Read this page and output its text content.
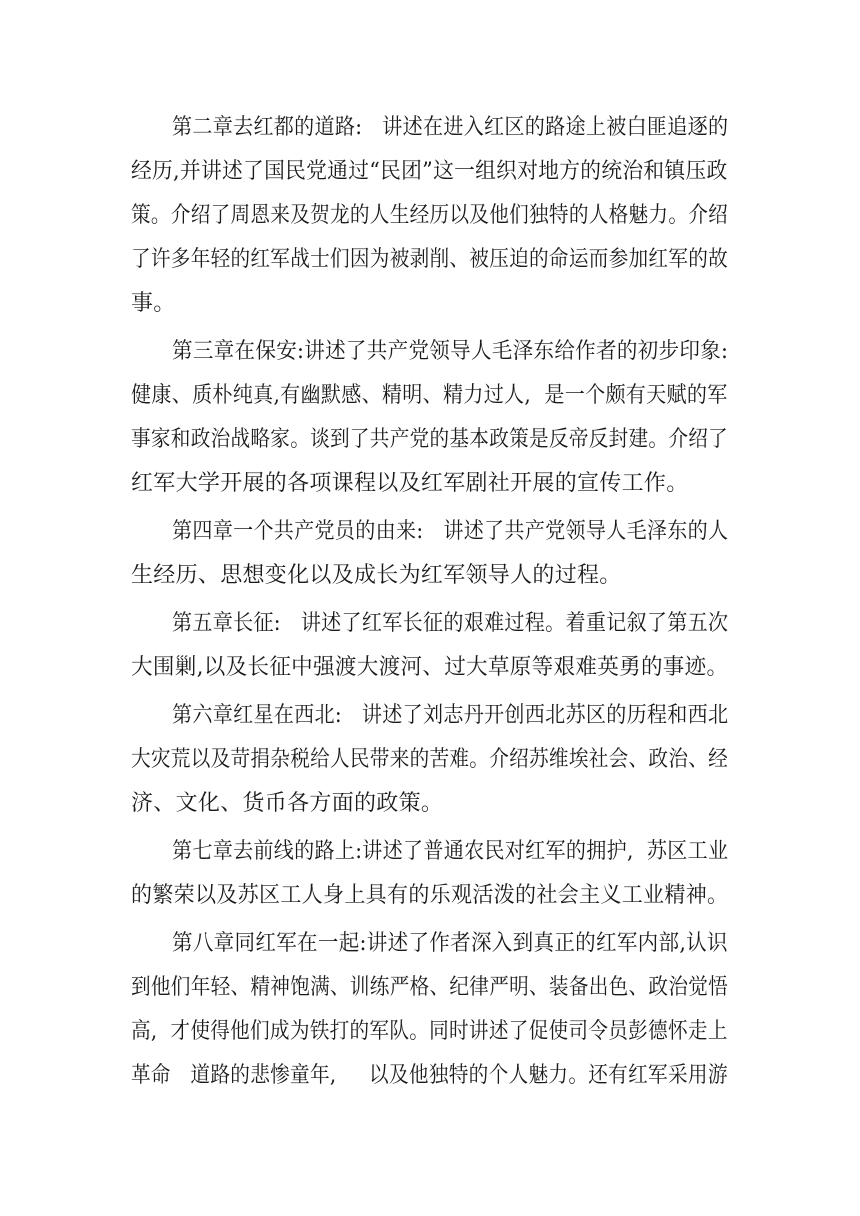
第二章去红都的道路:   讲述在进入红区的路途上被白匪追逐的
经历,并讲述了国民党通过“民团”这一组织对地方的统治和镇压政
策。介绍了周恩来及贺龙的人生经历以及他们独特的人格魅力。介绍
了许多年轻的红军战士们因为被剥削、被压迫的命运而参加红军的故
事。
第三章在保安:讲述了共产党领导人毛泽东给作者的初步印象:
健康、质朴纯真,有幽默感、精明、精力过人,  是一个颇有天赋的军
事家和政治战略家。谈到了共产党的基本政策是反帝反封建。介绍了
红军大学开展的各项课程以及红军剧社开展的宣传工作。
第四章一个共产党员的由来:   讲述了共产党领导人毛泽东的人
生经历、思想变化以及成长为红军领导人的过程。
第五章长征:   讲述了红军长征的艰难过程。着重记叙了第五次
大围剿,以及长征中强渡大渡河、过大草原等艰难英勇的事迹。
第六章红星在西北:   讲述了刘志丹开创西北苏区的历程和西北
大灾荒以及苛捐杂税给人民带来的苦难。介绍苏维埃社会、政治、经
济、文化、货币各方面的政策。
第七章去前线的路上:讲述了普通农民对红军的拥护,  苏区工业
的繁荣以及苏区工人身上具有的乐观活泼的社会主义工业精神。
第八章同红军在一起:讲述了作者深入到真正的红军内部,认识
到他们年轻、精神饱满、训练严格、纪律严明、装备出色、政治觉悟
高,  才使得他们成为铁打的军队。同时讲述了促使司令员彭德怀走上
革命   道路的悲惨童年,     以及他独特的个人魅力。还有红军采用游
